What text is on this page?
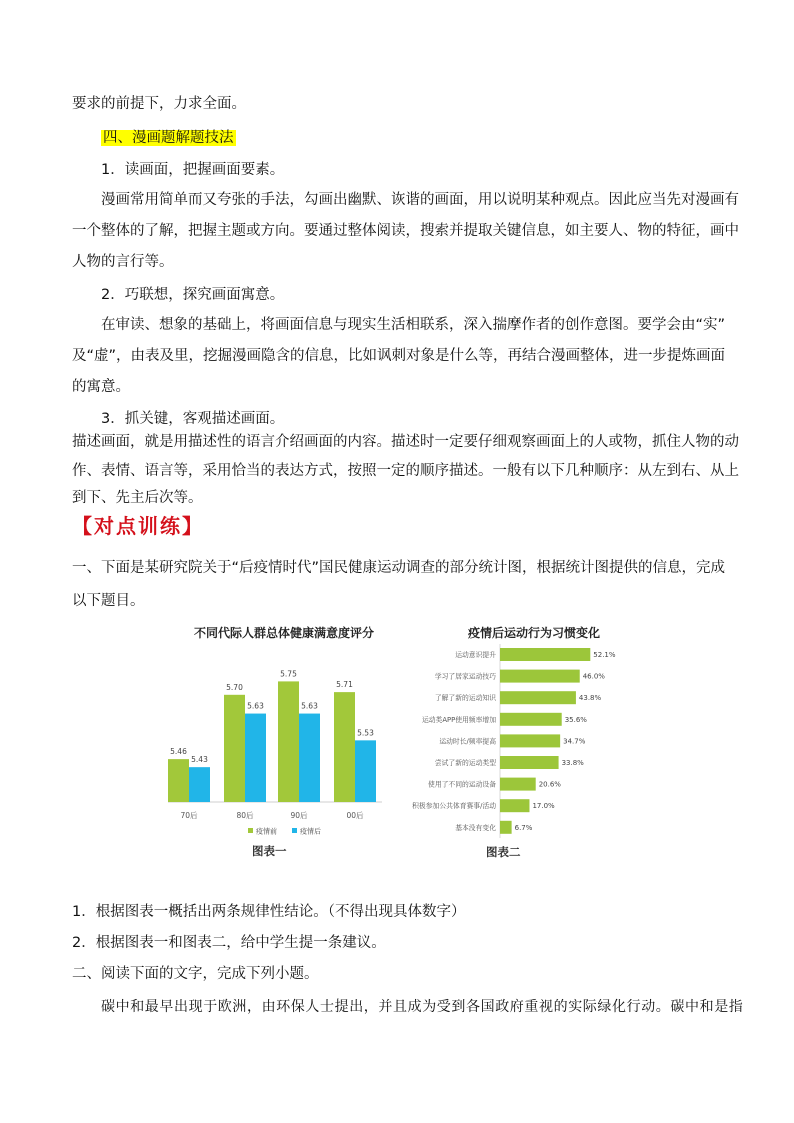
要求的前提下，力求全面。
四、漫画题解题技法
1．读画面，把握画面要素。
漫画常用简单而又夸张的手法，勾画出幽默、诙谐的画面，用以说明某种观点。因此应当先对漫画有
一个整体的了解，把握主题或方向。要通过整体阅读，搜索并提取关键信息，如主要人、物的特征，画中
人物的言行等。
2．巧联想，探究画面寓意。
在审读、想象的基础上，将画面信息与现实生活相联系，深入揣摩作者的创作意图。要学会由“实”
及“虚”，由表及里，挖掘漫画隐含的信息，比如讽刺对象是什么等，再结合漫画整体，进一步提炼画面
的寓意。
3．抓关键，客观描述画面。
描述画面，就是用描述性的语言介绍画面的内容。描述时一定要仔细观察画面上的人或物，抓住人物的动
作、表情、语言等，采用恰当的表达方式，按照一定的顺序描述。一般有以下几种顺序：从左到右、从上
到下、先主后次等。
【对点训练】
一、下面是某研究院关于“后疫情时代”国民健康运动调查的部分统计图，根据统计图提供的信息，完成
以下题目。
不同代际人群总体健康满意度评分
5.46
5.43
70后
5.70
5.63
80后
5.75
5.63
90后
5.71
5.53
00后
疫情前	疫情后
图表一
疫情后运动行为习惯变化
运动意识提升	52.1%
学习了居家运动技巧	46.0%
了解了新的运动知识	43.8%
运动类APP使用频率增加	35.6%
运动时长/频率提高	34.7%
尝试了新的运动类型	33.8%
使用了不同的运动设备	20.6%
积极参加公共体育赛事/活动	17.0%
基本没有变化	6.7%
图表二
1．根据图表一概括出两条规律性结论。（不得出现具体数字）
2．根据图表一和图表二，给中学生提一条建议。
二、阅读下面的文字，完成下列小题。
碳中和最早出现于欧洲，由环保人士提出，并且成为受到各国政府重视的实际绿化行动。碳中和是指
